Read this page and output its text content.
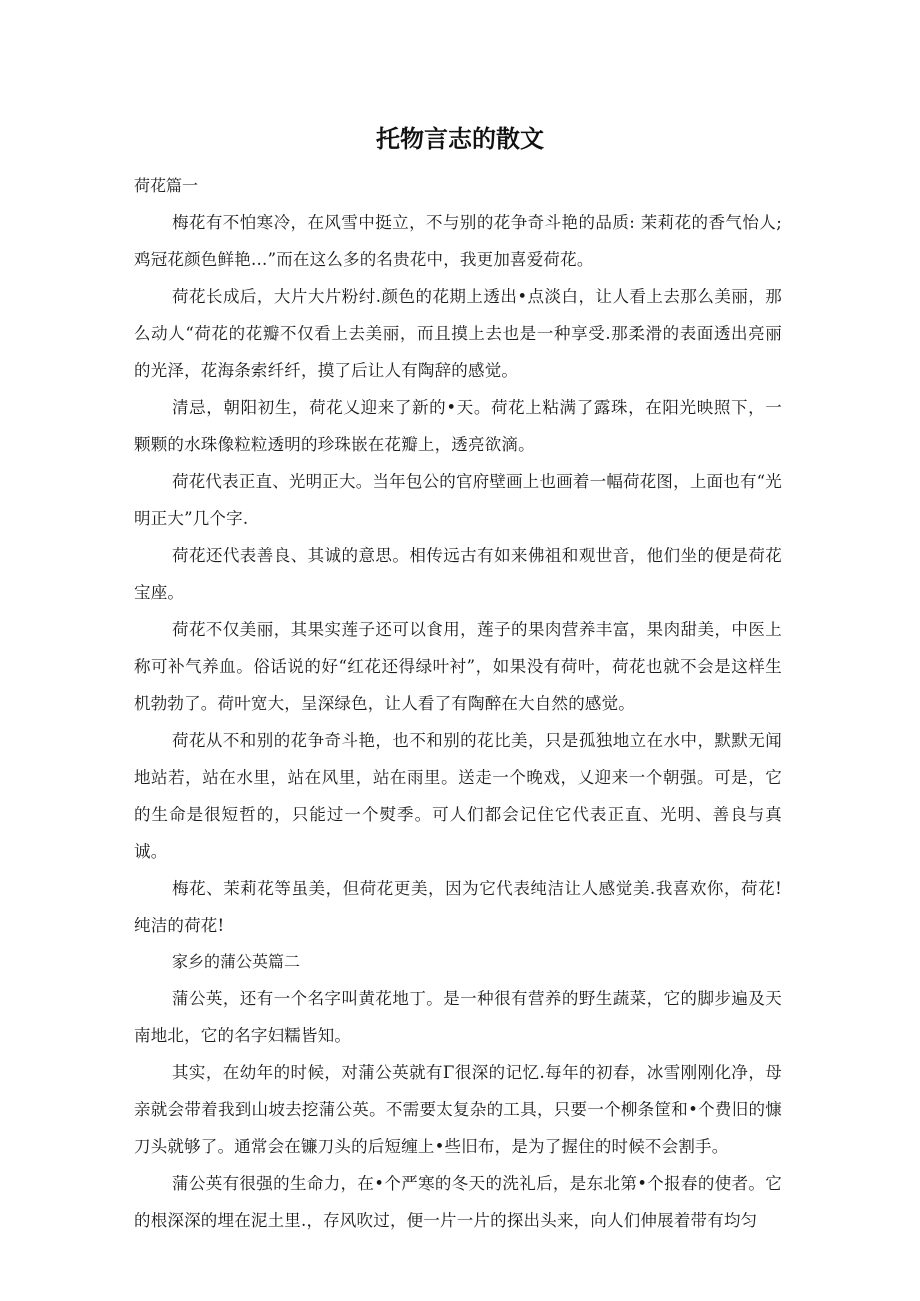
托物言志的散文

荷花篇一

梅花有不怕寒冷，在风雪中挺立，不与别的花争奇斗艳的品质: 茉莉花的香气怡人; 鸡冠花颜色鲜艳…”而在这么多的名贵花中，我更加喜爱荷花。

荷花长成后，大片大片粉纣.颜色的花期上透出•点淡白，让人看上去那么美丽，那么动人“荷花的花瓣不仅看上去美丽，而且摸上去也是一种享受.那柔滑的表面透出亮丽的光泽，花海条索纤纤，摸了后让人有陶辞的感觉。

清忌，朝阳初生，荷花乂迎来了新的•天。荷花上粘满了露珠，在阳光映照下，一颗颗的水珠像粒粒透明的珍珠嵌在花瓣上，透亮欲滴。

荷花代表正直、光明正大。当年包公的官府壁画上也画着一幅荷花图，上面也有“光明正大”几个字.

荷花还代表善良、其诚的意思。相传远古有如来佛祖和观世音，他们坐的便是荷花宝座。

荷花不仅美丽，其果实莲子还可以食用，莲子的果肉营养丰富，果肉甜美，中医上称可补气养血。俗话说的好“红花还得绿叶衬”，如果没有荷叶，荷花也就不会是这样生机勃勃了。荷叶宽大，呈深绿色，让人看了有陶醉在大自然的感觉。

荷花从不和别的花争奇斗艳，也不和别的花比美，只是孤独地立在水中，默默无闻地站若，站在水里，站在风里，站在雨里。送走一个晚戏，乂迎来一个朝强。可是，它的生命是很短哲的，只能过一个熨季。可人们都会记住它代表正直、光明、善良与真诚。

梅花、茉莉花等虽美，但荷花更美，因为它代表纯洁让人感觉美.我喜欢你，荷花!纯洁的荷花!

家乡的蒲公英篇二

蒲公英，还有一个名字叫黄花地丁。是一种很有营养的野生蔬菜，它的脚步遍及天南地北，它的名字妇糯皆知。

其实，在幼年的时候，对蒲公英就有Γ很深的记忆.每年的初春，冰雪刚刚化净，母亲就会带着我到山坡去挖蒲公英。不需要太复杂的工具，只要一个柳条筐和•个费旧的慷刀头就够了。通常会在镰刀头的后短缠上•些旧布，是为了握住的时候不会割手。

蒲公英有很强的生命力，在•个严寒的冬天的洗礼后，是东北第•个报春的使者。它的根深深的埋在泥土里.，存风吹过，便一片一片的探出头来，向人们伸展着带有均匀
